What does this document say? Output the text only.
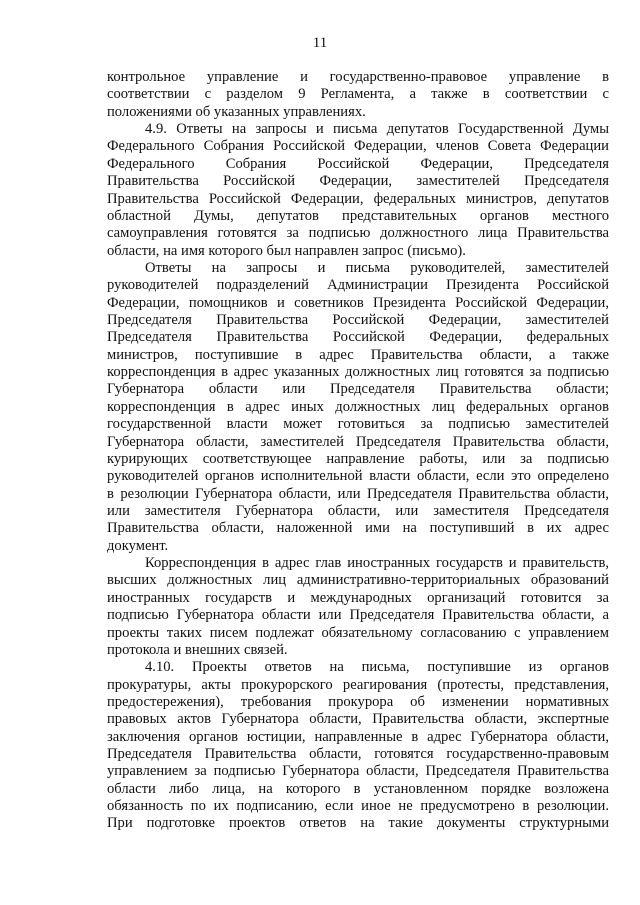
11

контрольное управление и государственно-правовое управление в
соответствии с разделом 9 Регламента, а также в соответствии с
положениями об указанных управлениях.

4.9. Ответы на запросы и письма депутатов Государственной Думы
Федерального Собрания Российской Федерации, членов Совета Федерации
Федерального Собрания Российской Федерации, Председателя
Правительства Российской Федерации, заместителей Председателя
Правительства Российской Федерации, федеральных министров, депутатов
областной Думы, депутатов представительных органов местного
самоуправления готовятся за подписью должностного лица Правительства
области, на имя которого был направлен запрос (письмо).

Ответы на запросы и письма руководителей, заместителей
руководителей подразделений Администрации Президента Российской
Федерации, помощников и советников Президента Российской Федерации,
Председателя Правительства Российской Федерации, заместителей
Председателя Правительства Российской Федерации, федеральных
министров, поступившие в адрес Правительства области, а также
корреспонденция в адрес указанных должностных лиц готовятся за подписью
Губернатора области или Председателя Правительства области;
корреспонденция в адрес иных должностных лиц федеральных органов
государственной власти может готовиться за подписью заместителей
Губернатора области, заместителей Председателя Правительства области,
курирующих соответствующее направление работы, или за подписью
руководителей органов исполнительной власти области, если это определено
в резолюции Губернатора области, или Председателя Правительства области,
или заместителя Губернатора области, или заместителя Председателя
Правительства области, наложенной ими на поступивший в их адрес
документ.

Корреспонденция в адрес глав иностранных государств и правительств,
высших должностных лиц административно-территориальных образований
иностранных государств и международных организаций готовится за
подписью Губернатора области или Председателя Правительства области, а
проекты таких писем подлежат обязательному согласованию с управлением
протокола и внешних связей.

4.10. Проекты ответов на письма, поступившие из органов
прокуратуры, акты прокурорского реагирования (протесты, представления,
предостережения), требования прокурора об изменении нормативных
правовых актов Губернатора области, Правительства области, экспертные
заключения органов юстиции, направленные в адрес Губернатора области,
Председателя Правительства области, готовятся государственно-правовым
управлением за подписью Губернатора области, Председателя Правительства
области либо лица, на которого в установленном порядке возложена
обязанность по их подписанию, если иное не предусмотрено в резолюции.
При подготовке проектов ответов на такие документы структурными
